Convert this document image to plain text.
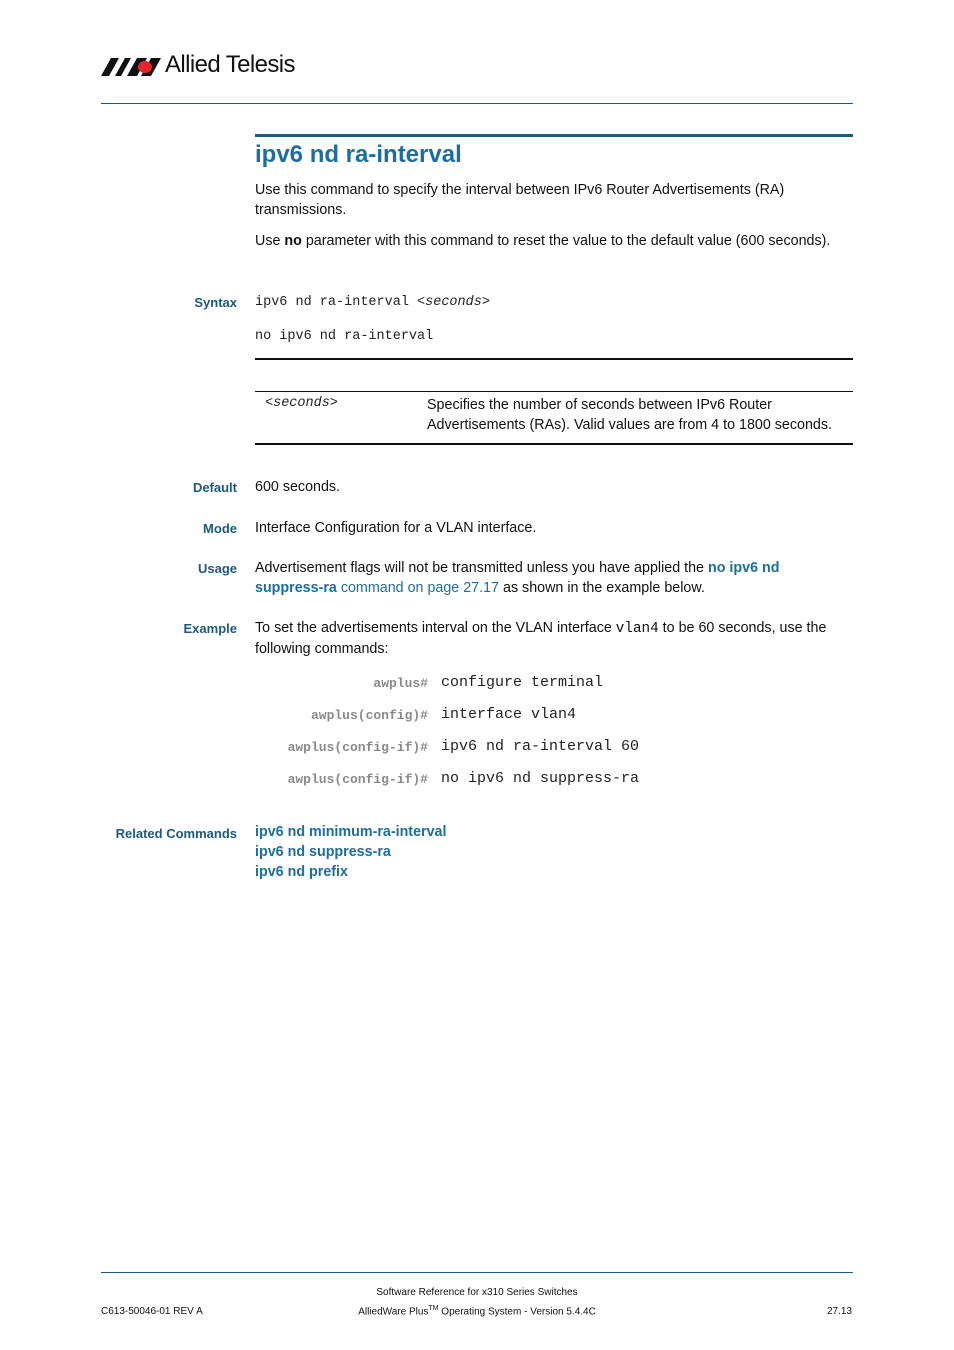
Allied Telesis
ipv6 nd ra-interval
Use this command to specify the interval between IPv6 Router Advertisements (RA) transmissions.
Use no parameter with this command to reset the value to the default value (600 seconds).
Syntax ipv6 nd ra-interval <seconds>
no ipv6 nd ra-interval
<seconds>	Specifies the number of seconds between IPv6 Router Advertisements (RAs). Valid values are from 4 to 1800 seconds.
Default 600 seconds.
Mode Interface Configuration for a VLAN interface.
Usage Advertisement flags will not be transmitted unless you have applied the no ipv6 nd suppress-ra command on page 27.17 as shown in the example below.
Example To set the advertisements interval on the VLAN interface vlan4 to be 60 seconds, use the following commands:
awplus# configure terminal
awplus(config)# interface vlan4
awplus(config-if)# ipv6 nd ra-interval 60
awplus(config-if)# no ipv6 nd suppress-ra
Related Commands ipv6 nd minimum-ra-interval
ipv6 nd suppress-ra
ipv6 nd prefix
C613-50046-01 REV A
Software Reference for x310 Series Switches
AlliedWare Plus™ Operating System - Version 5.4.4C	27.13
